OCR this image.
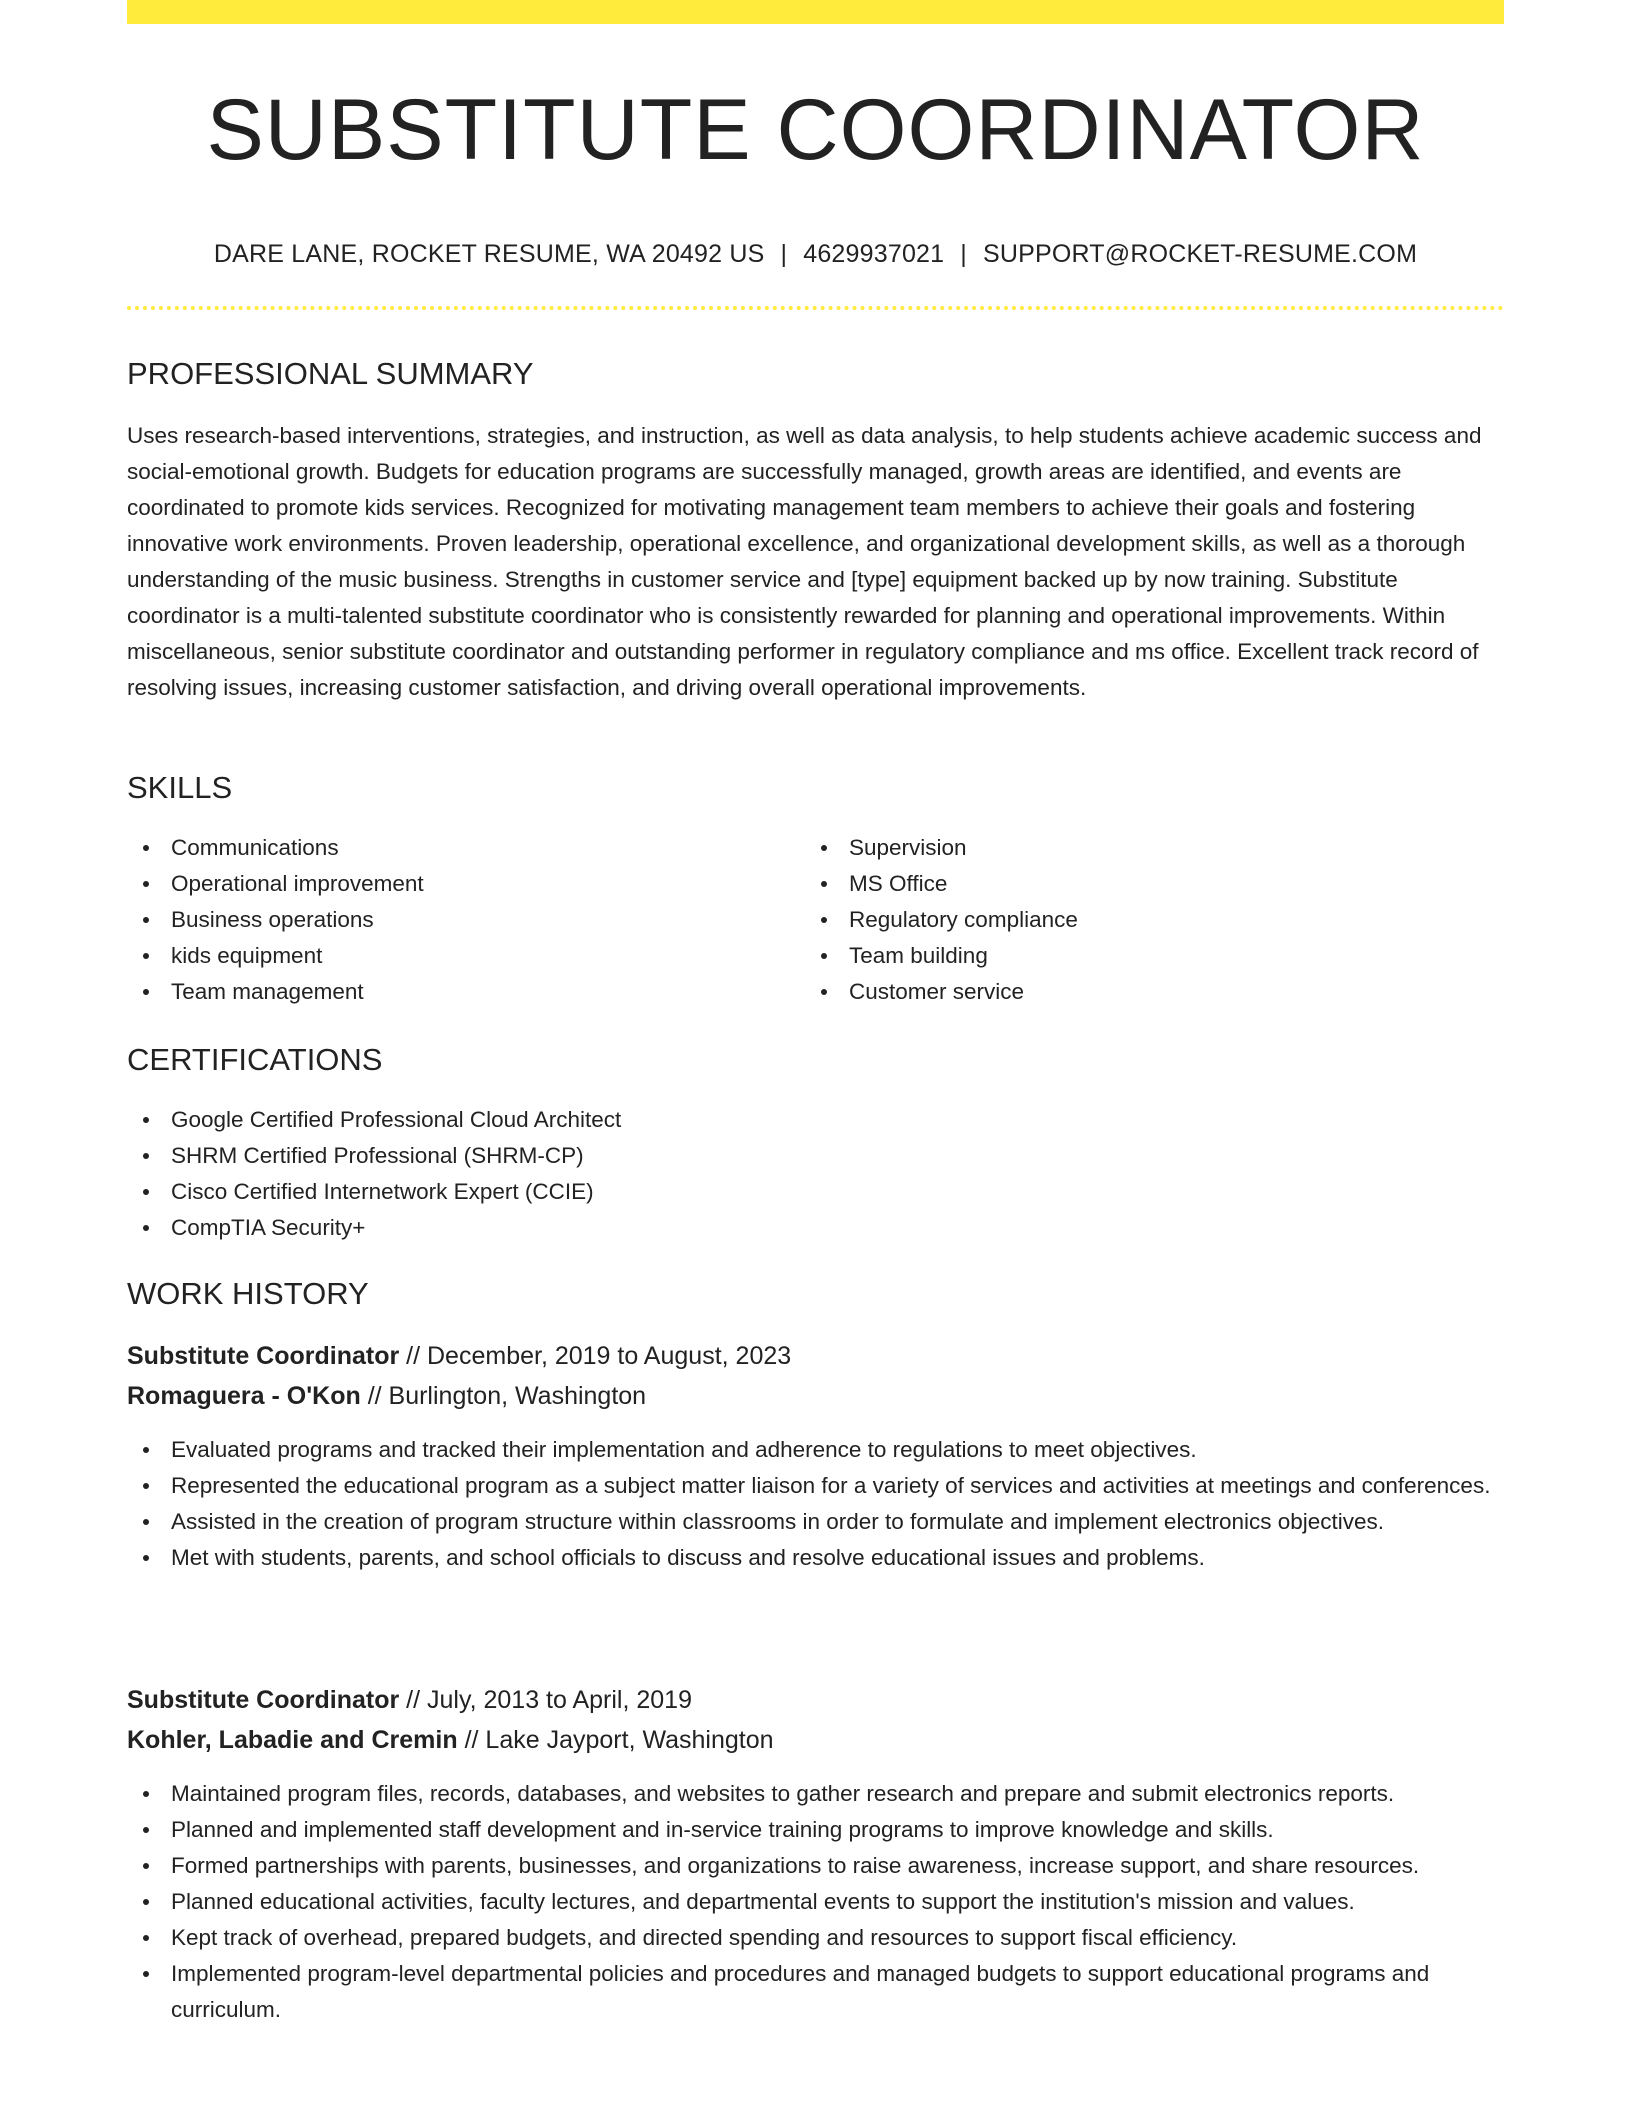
SUBSTITUTE COORDINATOR
DARE LANE, ROCKET RESUME, WA 20492 US | 4629937021 | SUPPORT@ROCKET-RESUME.COM
PROFESSIONAL SUMMARY

Uses research-based interventions, strategies, and instruction, as well as data analysis, to help students achieve academic success and social-emotional growth. Budgets for education programs are successfully managed, growth areas are identified, and events are coordinated to promote kids services. Recognized for motivating management team members to achieve their goals and fostering innovative work environments. Proven leadership, operational excellence, and organizational development skills, as well as a thorough understanding of the music business. Strengths in customer service and [type] equipment backed up by now training. Substitute coordinator is a multi-talented substitute coordinator who is consistently rewarded for planning and operational improvements. Within miscellaneous, senior substitute coordinator and outstanding performer in regulatory compliance and ms office. Excellent track record of resolving issues, increasing customer satisfaction, and driving overall operational improvements.

SKILLS
Communications
Operational improvement
Business operations
kids equipment
Team management
Supervision
MS Office
Regulatory compliance
Team building
Customer service
CERTIFICATIONS
Google Certified Professional Cloud Architect
SHRM Certified Professional (SHRM-CP)
Cisco Certified Internetwork Expert (CCIE)
CompTIA Security+
WORK HISTORY
Substitute Coordinator // December, 2019 to August, 2023
Romaguera - O'Kon // Burlington, Washington
Evaluated programs and tracked their implementation and adherence to regulations to meet objectives.
Represented the educational program as a subject matter liaison for a variety of services and activities at meetings and conferences.
Assisted in the creation of program structure within classrooms in order to formulate and implement electronics objectives.
Met with students, parents, and school officials to discuss and resolve educational issues and problems.
Substitute Coordinator // July, 2013 to April, 2019
Kohler, Labadie and Cremin // Lake Jayport, Washington
Maintained program files, records, databases, and websites to gather research and prepare and submit electronics reports.
Planned and implemented staff development and in-service training programs to improve knowledge and skills.
Formed partnerships with parents, businesses, and organizations to raise awareness, increase support, and share resources.
Planned educational activities, faculty lectures, and departmental events to support the institution's mission and values.
Kept track of overhead, prepared budgets, and directed spending and resources to support fiscal efficiency.
Implemented program-level departmental policies and procedures and managed budgets to support educational programs and curriculum.
